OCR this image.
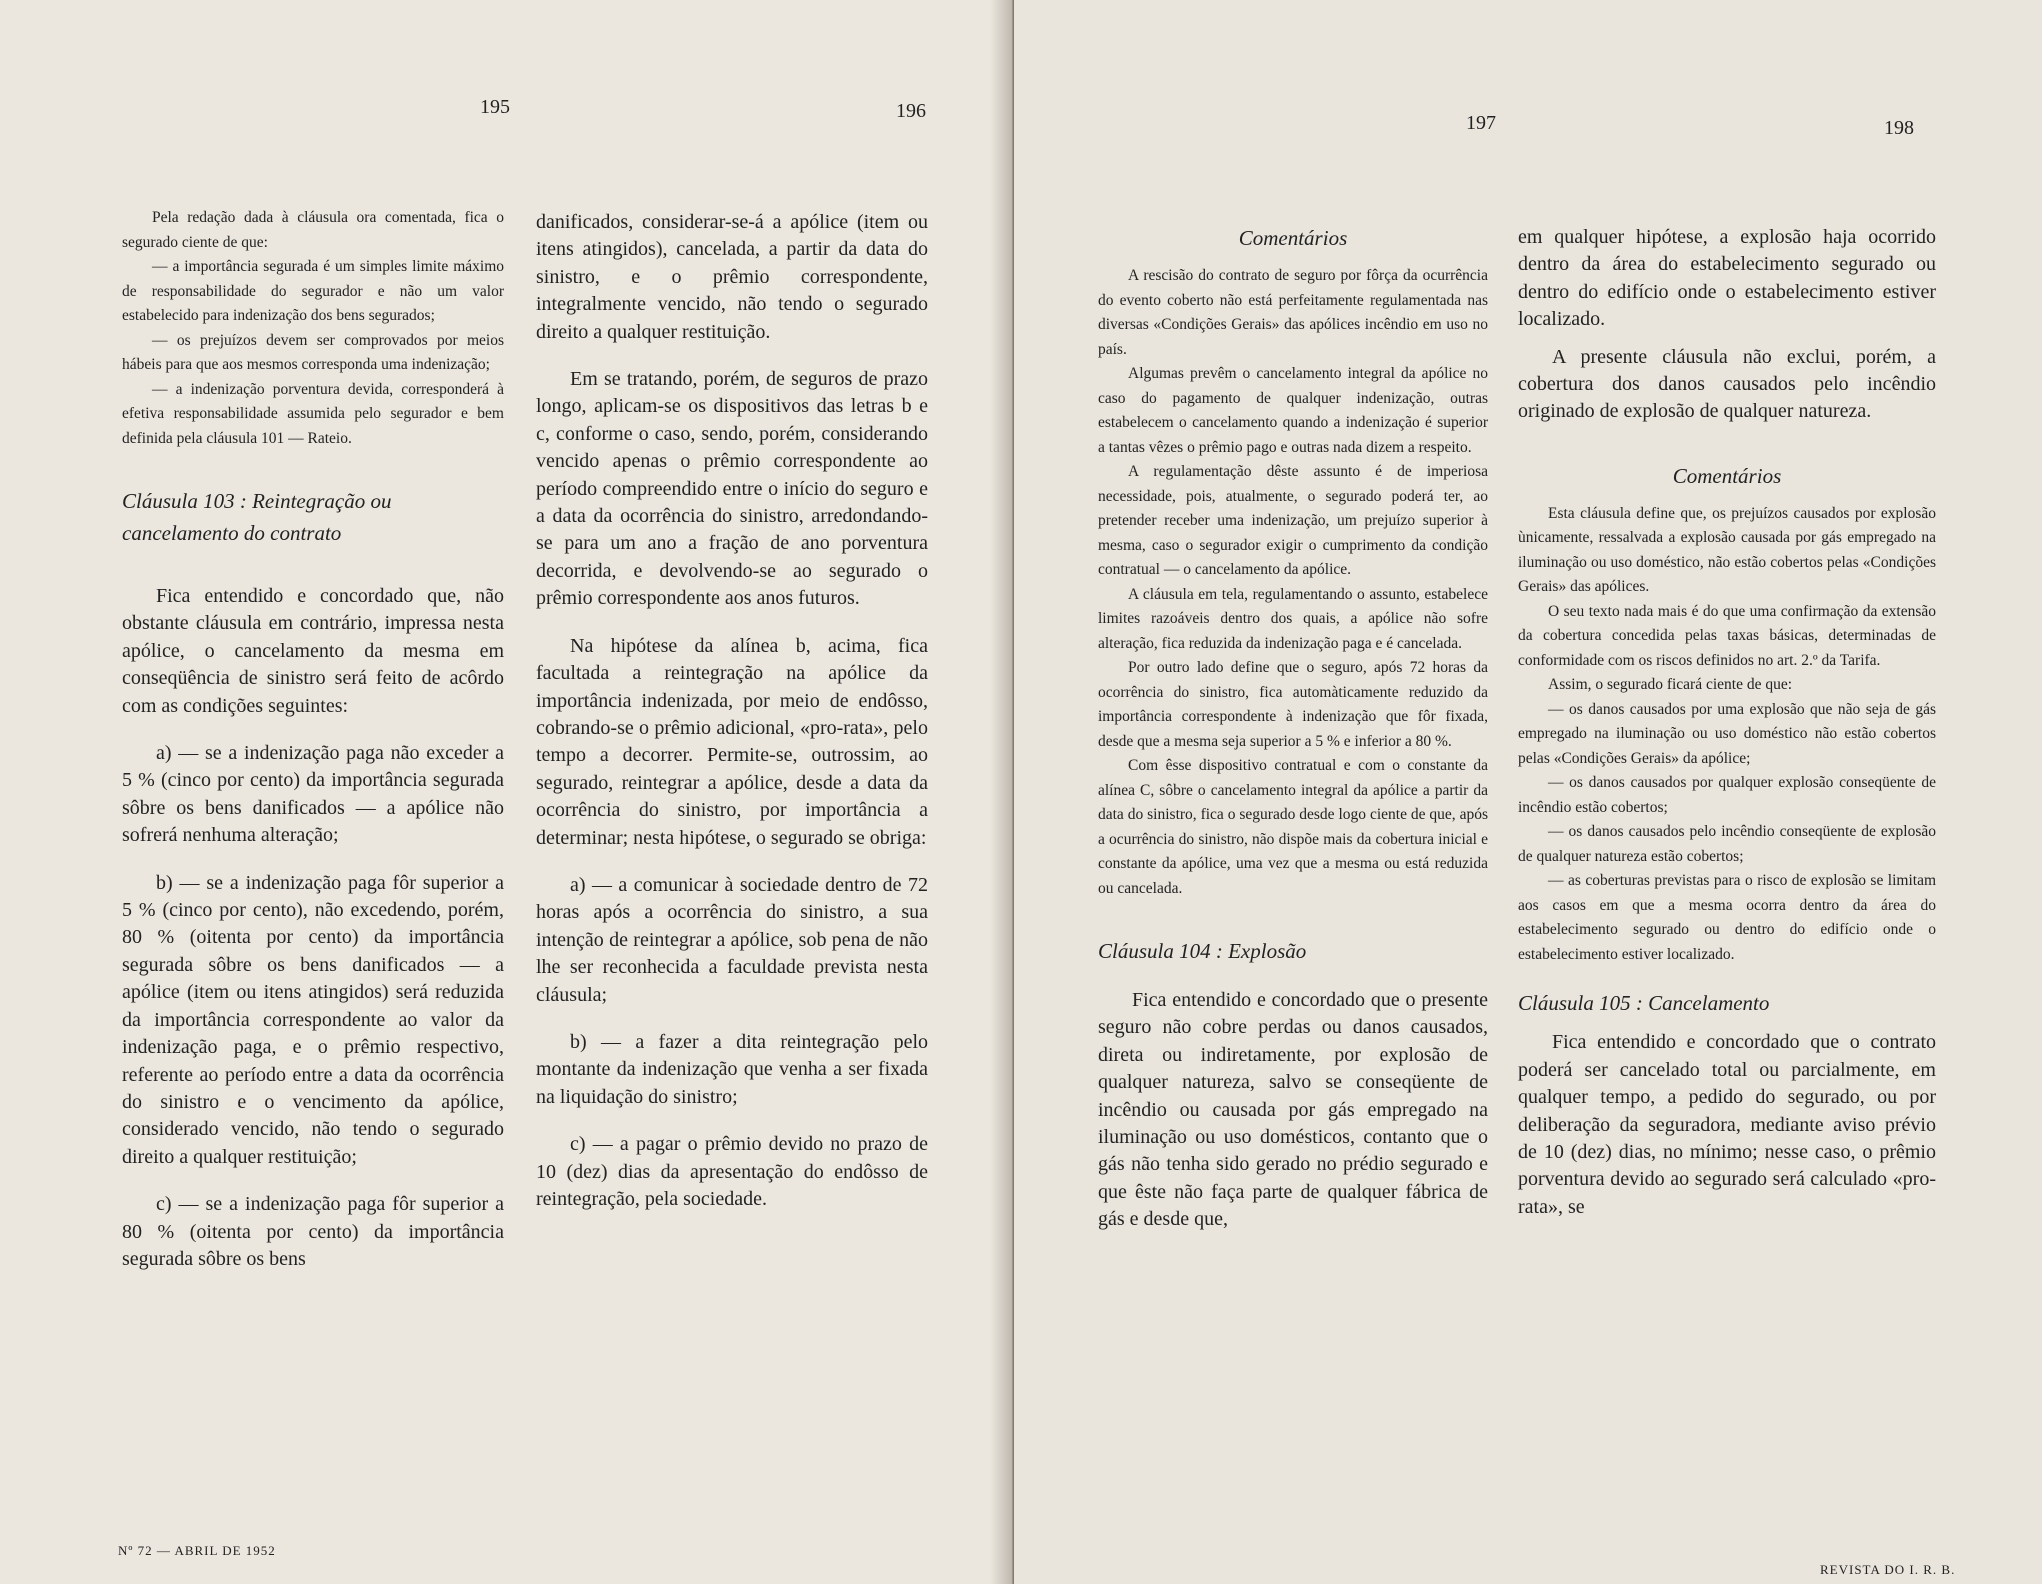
195	196

Pela redação dada à cláusula ora comentada, fica o segurado ciente de que:

— a importância segurada é um simples limite máximo de responsabilidade do segurador e não um valor estabelecido para indenização dos bens segurados;

— os prejuízos devem ser comprovados por meios hábeis para que aos mesmos corresponda uma indenização;

— a indenização porventura devida, corresponderá à efetiva responsabilidade assumida pelo segurador e bem definida pela cláusula 101 — Rateio.

Cláusula 103 : Reintegração ou cancelamento do contrato

Fica entendido e concordado que, não obstante cláusula em contrário, impressa nesta apólice, o cancelamento da mesma em conseqüência de sinistro será feito de acôrdo com as condições seguintes:

a) — se a indenização paga não exceder a 5 % (cinco por cento) da importância segurada sôbre os bens danificados — a apólice não sofrerá nenhuma alteração;

b) — se a indenização paga fôr superior a 5 % (cinco por cento), não excedendo, porém, 80 % (oitenta por cento) da importância segurada sôbre os bens danificados — a apólice (item ou itens atingidos) será reduzida da importância correspondente ao valor da indenização paga, e o prêmio respectivo, referente ao período entre a data da ocorrência do sinistro e o vencimento da apólice, considerado vencido, não tendo o segurado direito a qualquer restituição;

c) — se a indenização paga fôr superior a 80 % (oitenta por cento) da importância segurada sôbre os bens

danificados, considerar-se-á a apólice (item ou itens atingidos), cancelada, a partir da data do sinistro, e o prêmio correspondente, integralmente vencido, não tendo o segurado direito a qualquer restituição.

Em se tratando, porém, de seguros de prazo longo, aplicam-se os dispositivos das letras b e c, conforme o caso, sendo, porém, considerando vencido apenas o prêmio correspondente ao período compreendido entre o início do seguro e a data da ocorrência do sinistro, arredondando-se para um ano a fração de ano porventura decorrida, e devolvendo-se ao segurado o prêmio correspondente aos anos futuros.

Na hipótese da alínea b, acima, fica facultada a reintegração na apólice da importância indenizada, por meio de endôsso, cobrando-se o prêmio adicional, «pro-rata», pelo tempo a decorrer. Permite-se, outrossim, ao segurado, reintegrar a apólice, desde a data da ocorrência do sinistro, por importância a determinar; nesta hipótese, o segurado se obriga:

a) — a comunicar à sociedade dentro de 72 horas após a ocorrência do sinistro, a sua intenção de reintegrar a apólice, sob pena de não lhe ser reconhecida a faculdade prevista nesta cláusula;

b) — a fazer a dita reintegração pelo montante da indenização que venha a ser fixada na liquidação do sinistro;

c) — a pagar o prêmio devido no prazo de 10 (dez) dias da apresentação do endôsso de reintegração, pela sociedade.

Nº 72 — ABRIL DE 1952
197	198

Comentários

A rescisão do contrato de seguro por fôrça da ocurrência do evento coberto não está perfeitamente regulamentada nas diversas «Condições Gerais» das apólices incêndio em uso no país.

Algumas prevêm o cancelamento integral da apólice no caso do pagamento de qualquer indenização, outras estabelecem o cancelamento quando a indenização é superior a tantas vêzes o prêmio pago e outras nada dizem a respeito.

A regulamentação dêste assunto é de imperiosa necessidade, pois, atualmente, o segurado poderá ter, ao pretender receber uma indenização, um prejuízo superior à mesma, caso o segurador exigir o cumprimento da condição contratual — o cancelamento da apólice.

A cláusula em tela, regulamentando o assunto, estabelece limites razoáveis dentro dos quais, a apólice não sofre alteração, fica reduzida da indenização paga e é cancelada.

Por outro lado define que o seguro, após 72 horas da ocorrência do sinistro, fica automàticamente reduzido da importância correspondente à indenização que fôr fixada, desde que a mesma seja superior a 5 % e inferior a 80 %.

Com êsse dispositivo contratual e com o constante da alínea C, sôbre o cancelamento integral da apólice a partir da data do sinistro, fica o segurado desde logo ciente de que, após a ocurrência do sinistro, não dispõe mais da cobertura inicial e constante da apólice, uma vez que a mesma ou está reduzida ou cancelada.

Cláusula 104 : Explosão

Fica entendido e concordado que o presente seguro não cobre perdas ou danos causados, direta ou indiretamente, por explosão de qualquer natureza, salvo se conseqüente de incêndio ou causada por gás empregado na iluminação ou uso domésticos, contanto que o gás não tenha sido gerado no prédio segurado e que êste não faça parte de qualquer fábrica de gás e desde que,

em qualquer hipótese, a explosão haja ocorrido dentro da área do estabelecimento segurado ou dentro do edifício onde o estabelecimento estiver localizado.

A presente cláusula não exclui, porém, a cobertura dos danos causados pelo incêndio originado de explosão de qualquer natureza.

Comentários

Esta cláusula define que, os prejuízos causados por explosão ùnicamente, ressalvada a explosão causada por gás empregado na iluminação ou uso doméstico, não estão cobertos pelas «Condições Gerais» das apólices.

O seu texto nada mais é do que uma confirmação da extensão da cobertura concedida pelas taxas básicas, determinadas de conformidade com os riscos definidos no art. 2.º da Tarifa.

Assim, o segurado ficará ciente de que:

— os danos causados por uma explosão que não seja de gás empregado na iluminação ou uso doméstico não estão cobertos pelas «Condições Gerais» da apólice;

— os danos causados por qualquer explosão conseqüente de incêndio estão cobertos;

— os danos causados pelo incêndio conseqüente de explosão de qualquer natureza estão cobertos;

— as coberturas previstas para o risco de explosão se limitam aos casos em que a mesma ocorra dentro da área do estabelecimento segurado ou dentro do edifício onde o estabelecimento estiver localizado.

Cláusula 105 : Cancelamento

Fica entendido e concordado que o contrato poderá ser cancelado total ou parcialmente, em qualquer tempo, a pedido do segurado, ou por deliberação da seguradora, mediante aviso prévio de 10 (dez) dias, no mínimo; nesse caso, o prêmio porventura devido ao segurado será calculado «pro-rata», se

REVISTA DO I. R. B.
